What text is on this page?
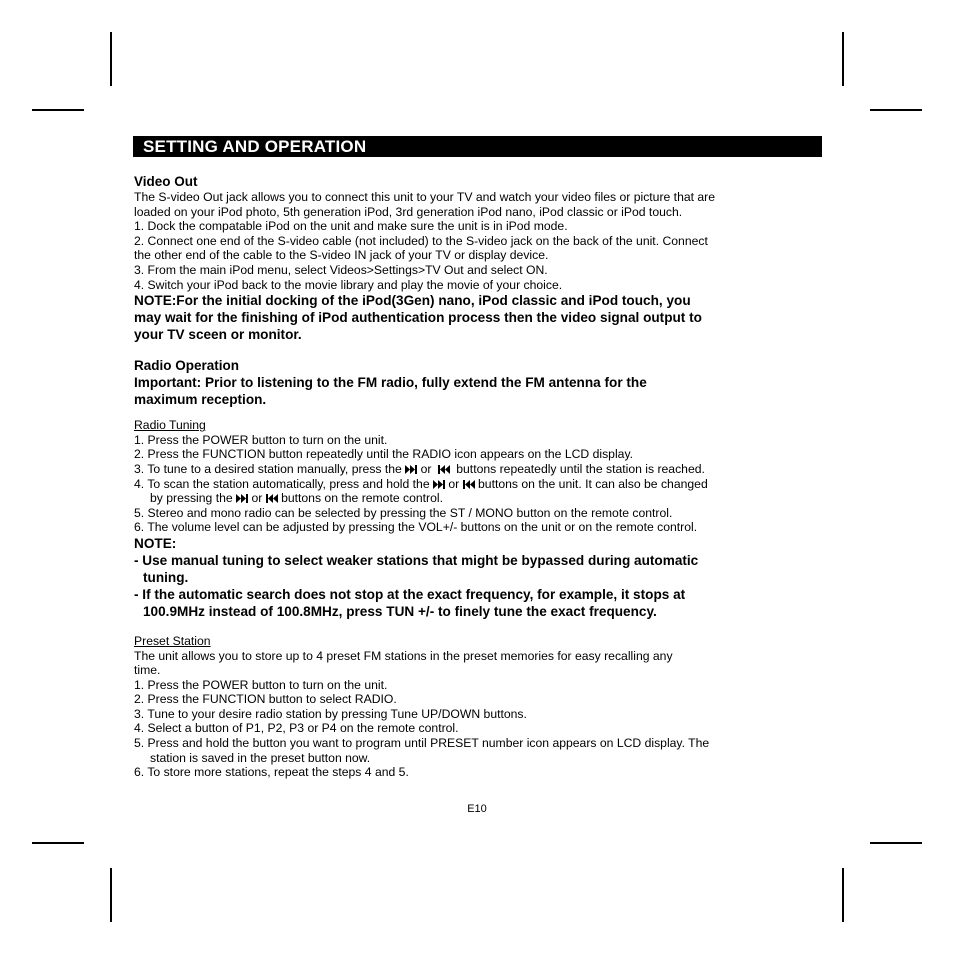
SETTING AND OPERATION
Video Out
The S-video Out jack allows you to connect this unit to your TV and watch your video files or picture that are
loaded on your iPod photo, 5th generation iPod, 3rd generation iPod nano, iPod classic or iPod touch.
1. Dock the compatable iPod on the unit and make sure the unit is in iPod mode.
2. Connect one end of the S-video cable (not included) to the S-video jack on the back of the unit. Connect
the other end of the cable to the S-video IN jack of your TV or display device.
3. From the main iPod menu, select Videos>Settings>TV Out and select ON.
4. Switch your iPod back to the movie library and play the movie of your choice.
NOTE:For the initial docking of the iPod(3Gen) nano, iPod classic and iPod touch, you
may wait for the finishing of iPod authentication process then the video signal output to
your TV sceen or monitor.
Radio Operation
Important: Prior to listening to the FM radio, fully extend the FM antenna for the
maximum reception.
Radio Tuning
1. Press the POWER button to turn on the unit.
2. Press the FUNCTION button repeatedly until the RADIO icon appears on the LCD display.
3. To tune to a desired station manually, press the or buttons repeatedly until the station is reached.
4. To scan the station automatically, press and hold the or buttons on the unit. It can also be changed
by pressing the or buttons on the remote control.
5. Stereo and mono radio can be selected by pressing the ST / MONO button on the remote control.
6. The volume level can be adjusted by pressing the VOL+/- buttons on the unit or on the remote control.
NOTE:
- Use manual tuning to select weaker stations that might be bypassed during automatic
tuning.
- If the automatic search does not stop at the exact frequency, for example, it stops at
100.9MHz instead of 100.8MHz, press TUN +/- to finely tune the exact frequency.
Preset Station
The unit allows you to store up to 4 preset FM stations in the preset memories for easy recalling any
time.
1. Press the POWER button to turn on the unit.
2. Press the FUNCTION button to select RADIO.
3. Tune to your desire radio station by pressing Tune UP/DOWN buttons.
4. Select a button of P1, P2, P3 or P4 on the remote control.
5. Press and hold the button you want to program until PRESET number icon appears on LCD display. The
station is saved in the preset button now.
6. To store more stations, repeat the steps 4 and 5.
E10
